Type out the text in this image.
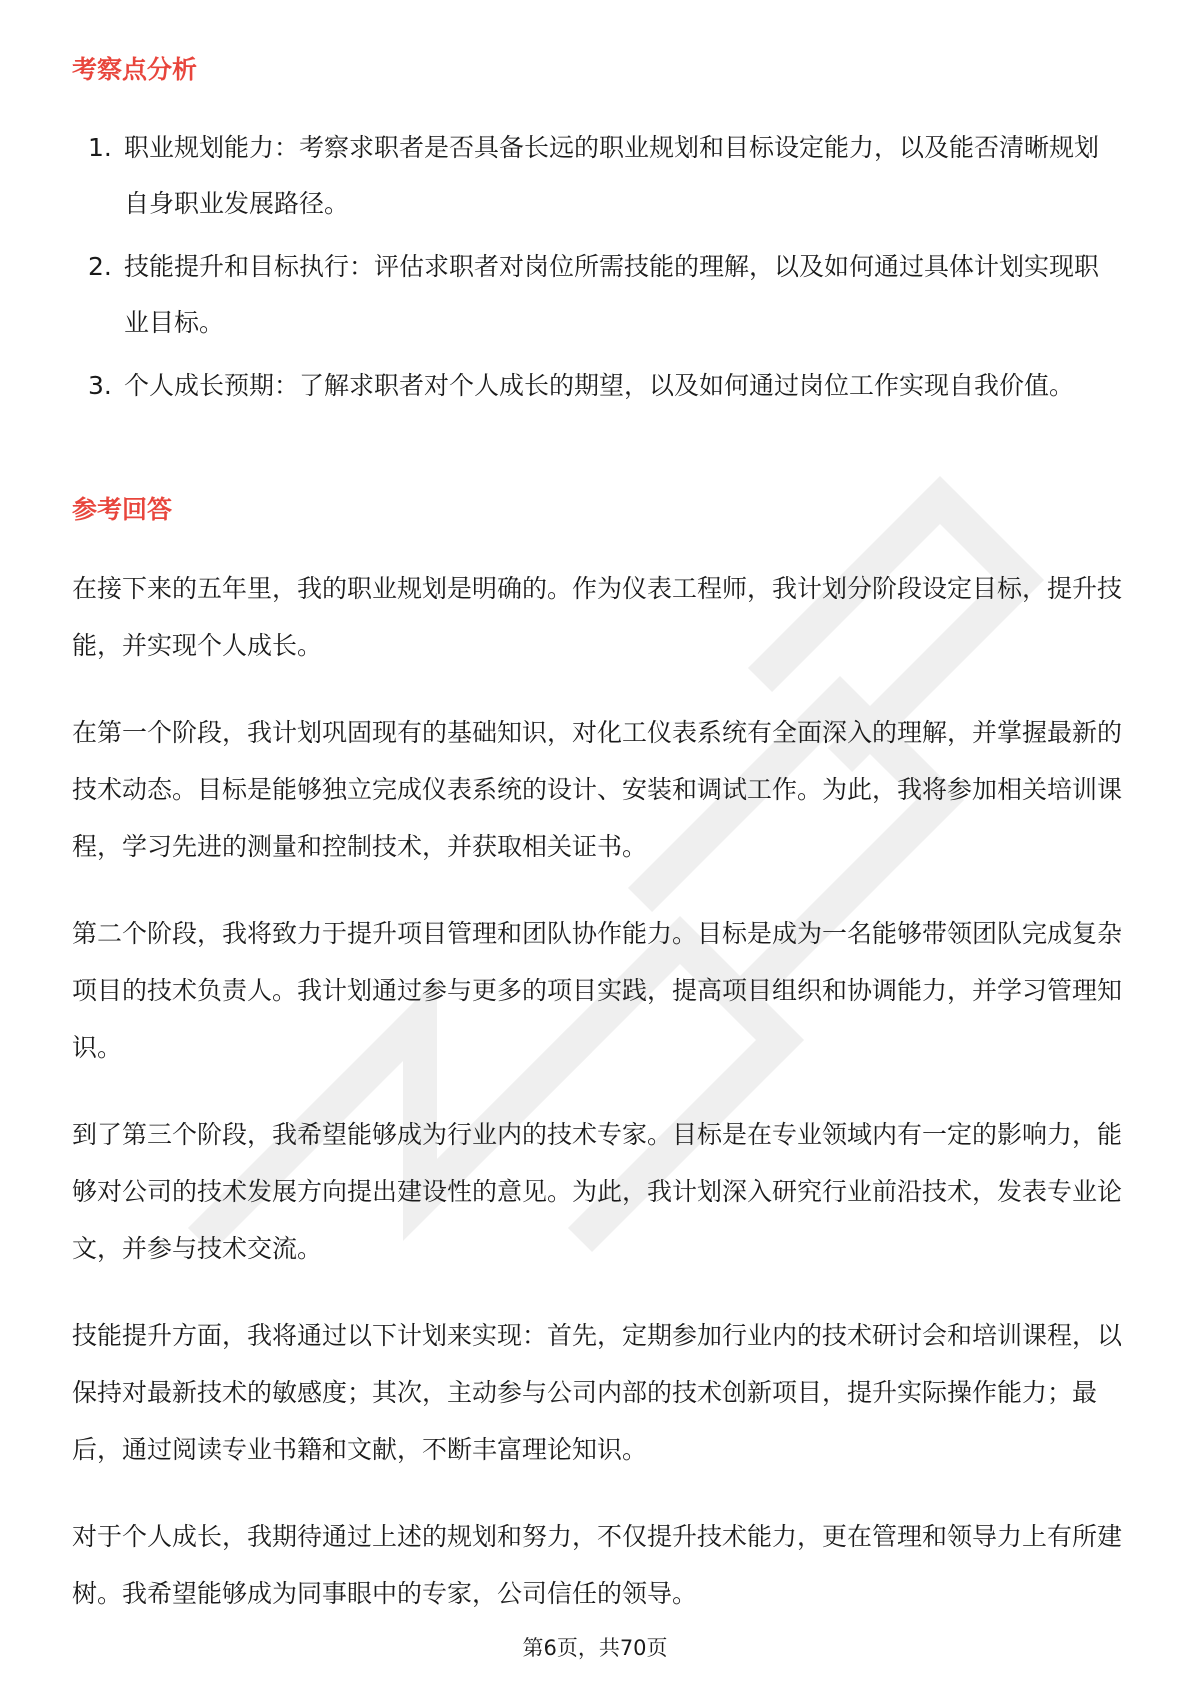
考察点分析
1. 职业规划能力：考察求职者是否具备长远的职业规划和目标设定能力，以及能否清晰规划自身职业发展路径。
2. 技能提升和目标执行：评估求职者对岗位所需技能的理解，以及如何通过具体计划实现职业目标。
3. 个人成长预期：了解求职者对个人成长的期望，以及如何通过岗位工作实现自我价值。
参考回答

在接下来的五年里，我的职业规划是明确的。作为仪表工程师，我计划分阶段设定目标，提升技能，并实现个人成长。

在第一个阶段，我计划巩固现有的基础知识，对化工仪表系统有全面深入的理解，并掌握最新的技术动态。目标是能够独立完成仪表系统的设计、安装和调试工作。为此，我将参加相关培训课程，学习先进的测量和控制技术，并获取相关证书。

第二个阶段，我将致力于提升项目管理和团队协作能力。目标是成为一名能够带领团队完成复杂项目的技术负责人。我计划通过参与更多的项目实践，提高项目组织和协调能力，并学习管理知识。

到了第三个阶段，我希望能够成为行业内的技术专家。目标是在专业领域内有一定的影响力，能够对公司的技术发展方向提出建设性的意见。为此，我计划深入研究行业前沿技术，发表专业论文，并参与技术交流。

技能提升方面，我将通过以下计划来实现：首先，定期参加行业内的技术研讨会和培训课程，以保持对最新技术的敏感度；其次，主动参与公司内部的技术创新项目，提升实际操作能力；最后，通过阅读专业书籍和文献，不断丰富理论知识。

对于个人成长，我期待通过上述的规划和努力，不仅提升技术能力，更在管理和领导力上有所建树。我希望能够成为同事眼中的专家，公司信任的领导。

第6页，共70页
